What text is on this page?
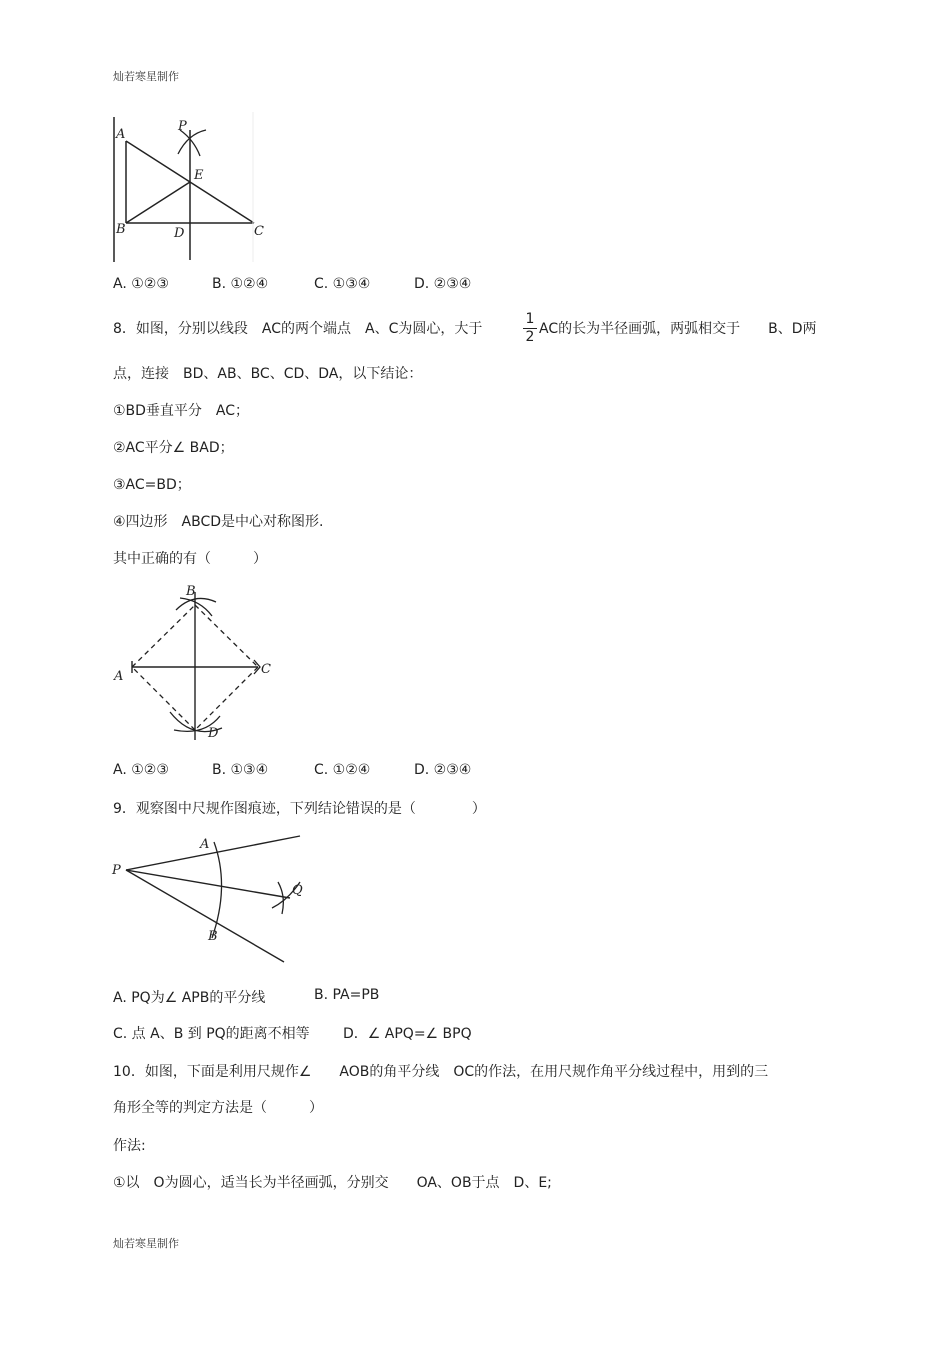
灿若寒星制作
A
P
E
B	D	C
A. ①②③	B. ①②④	C. ①③④	D. ②③④
8．如图，分别以线段　AC的两个端点　A、C为圆心，大于
1
2 AC的长为半径画弧，两弧相交于　　B、D两
点，连接　BD、AB、BC、CD、DA，以下结论：
①BD垂直平分　AC；
②AC平分∠ BAD；
③AC=BD；
④四边形　ABCD是中心对称图形.
其中正确的有（　　　）
B
A	C
D
A. ①②③	B. ①③④	C. ①②④	D. ②③④
9．观察图中尺规作图痕迹，下列结论错误的是（　　　　）
P
A
B
Q
A. PQ为∠ APB的平分线	B. PA=PB
C. 点 A、B 到 PQ的距离不相等 D．∠ APQ=∠ BPQ
10．如图，下面是利用尺规作∠　　AOB的角平分线　OC的作法，在用尺规作角平分线过程中，用到的三
角形全等的判定方法是（　　　）
作法:
①以　O为圆心，适当长为半径画弧，分别交　　OA、OB于点　D、E;
灿若寒星制作
